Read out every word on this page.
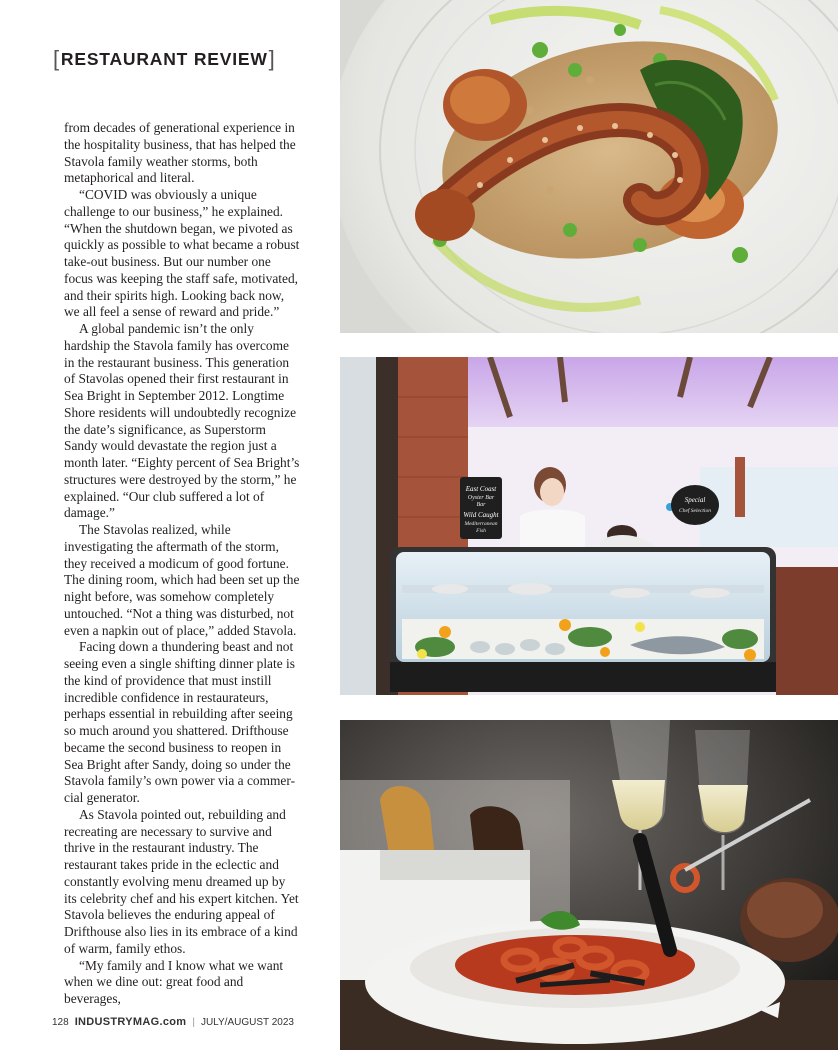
[ RESTAURANT REVIEW ]

from decades of generational experience in the hospitality business, that has helped the Stavola family weather storms, both metaphorical and literal.

“COVID was obviously a unique challenge to our business,” he explained. “When the shutdown began, we pivoted as quickly as possible to what became a robust take-out business. But our number one focus was keeping the staff safe, motivated, and their spirits high. Looking back now, we all feel a sense of reward and pride.”

A global pandemic isn’t the only hardship the Stavola family has overcome in the restaurant business. This generation of Stavolas opened their first restaurant in Sea Bright in September 2012. Longtime Shore residents will undoubtedly recognize the date’s significance, as Superstorm Sandy would devastate the region just a month later. “Eighty percent of Sea Bright’s structures were destroyed by the storm,” he explained. “Our club suffered a lot of damage.”

The Stavolas realized, while investigating the aftermath of the storm, they received a modicum of good fortune. The dining room, which had been set up the night before, was somehow completely untouched. “Not a thing was disturbed, not even a napkin out of place,” added Stavola.

Facing down a thundering beast and not seeing even a single shifting dinner plate is the kind of providence that must instill incredible confidence in restaurateurs, perhaps essential in rebuilding after seeing so much around you shattered. Drifthouse became the second business to reopen in Sea Bright after Sandy, doing so under the Stavola family’s own power via a commer- cial generator.

As Stavola pointed out, rebuilding and recreating are necessary to survive and thrive in the restaurant industry. The restaurant takes pride in the eclectic and constantly evolving menu dreamed up by its celebrity chef and his expert kitchen. Yet Stavola believes the enduring appeal of Drifthouse also lies in its embrace of a kind of warm, family ethos.

“My family and I know what we want when we dine out: great food and beverages,

East Coast
Oyster Bar
Bar
Wild Caught
Mediterranean
Fish
Special
Chef Selection
128 INDUSTRYMAG.com | JULY/AUGUST 2023
